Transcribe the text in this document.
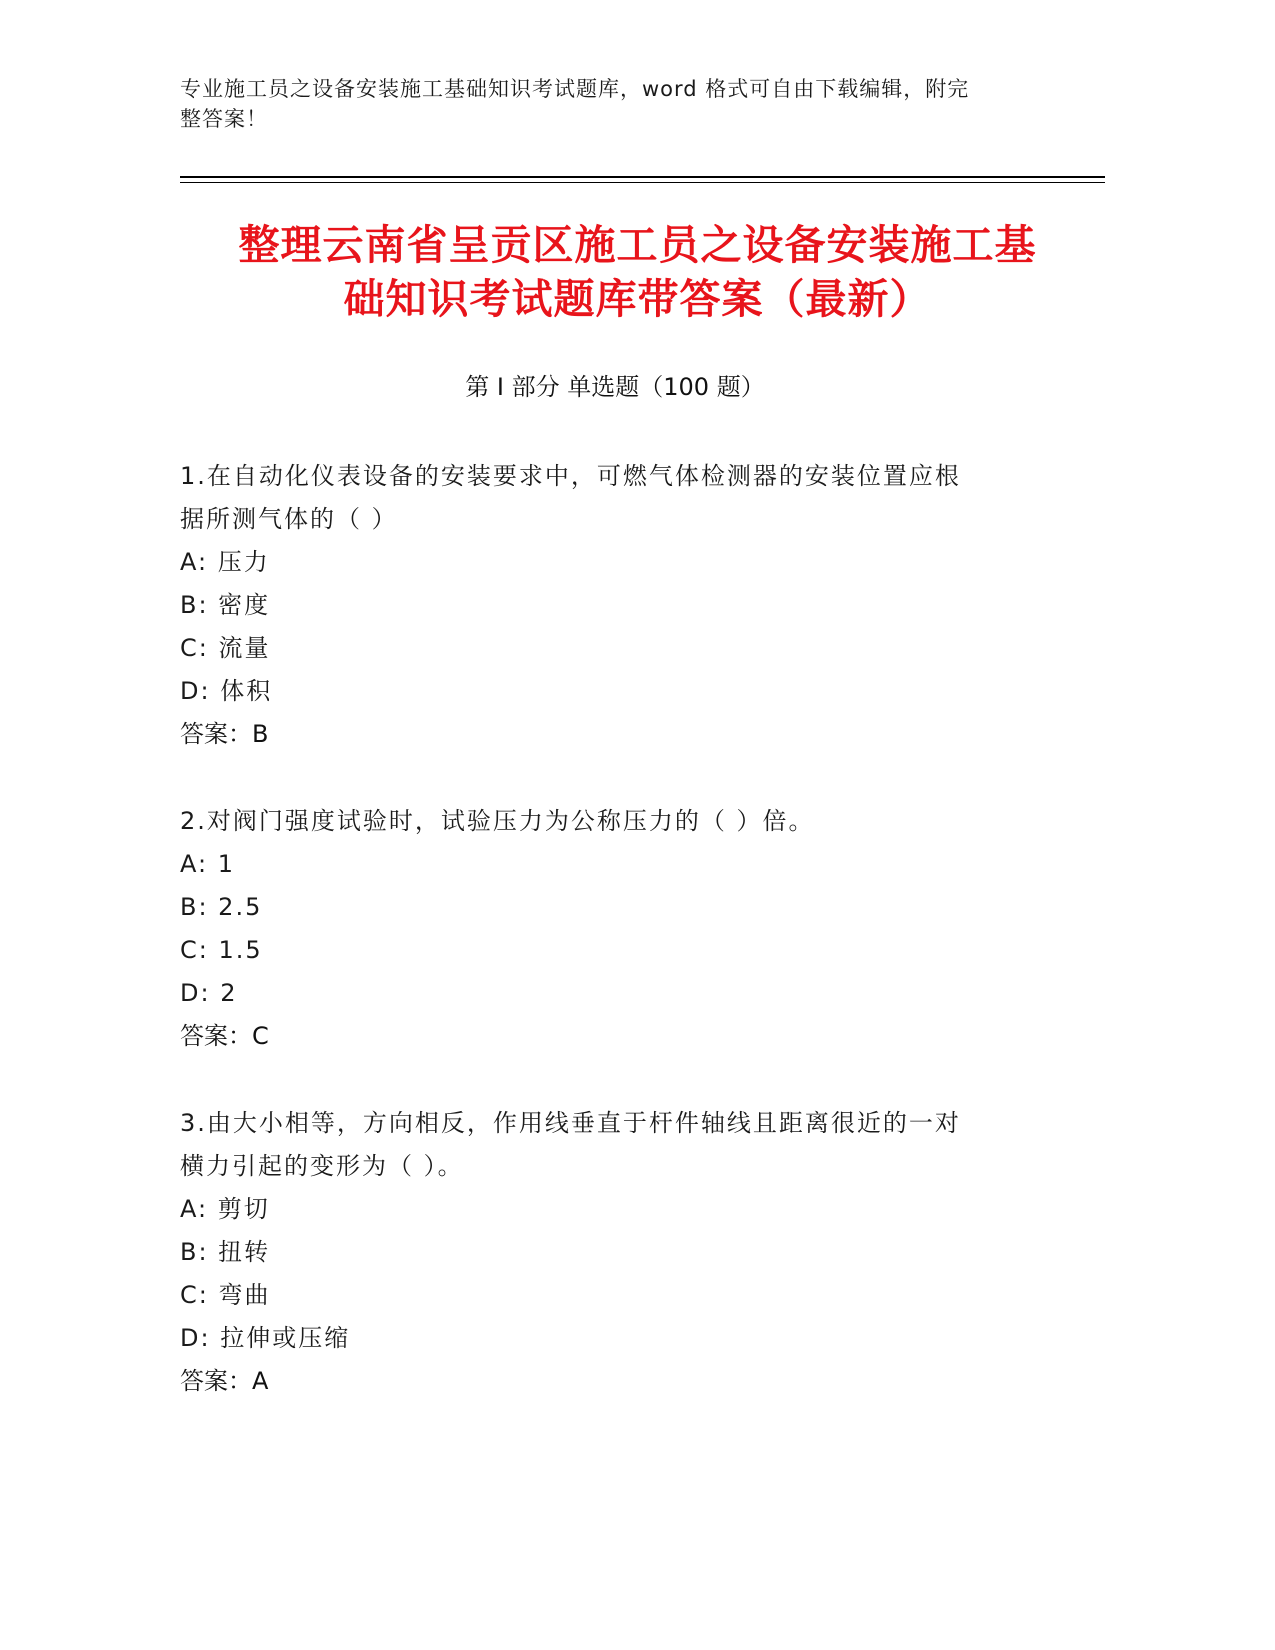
专业施工员之设备安装施工基础知识考试题库，word 格式可自由下载编辑，附完
整答案！
整理云南省呈贡区施工员之设备安装施工基
础知识考试题库带答案（最新）
第 I 部分 单选题（100 题）
1.在自动化仪表设备的安装要求中，可燃气体检测器的安装位置应根
据所测气体的（ ）
A: 压力
B: 密度
C: 流量
D: 体积
答案：B
2.对阀门强度试验时，试验压力为公称压力的（ ）倍。
A: 1
B: 2.5
C: 1.5
D: 2
答案：C
3.由大小相等，方向相反，作用线垂直于杆件轴线且距离很近的一对
横力引起的变形为（ ）。
A: 剪切
B: 扭转
C: 弯曲
D: 拉伸或压缩
答案：A
